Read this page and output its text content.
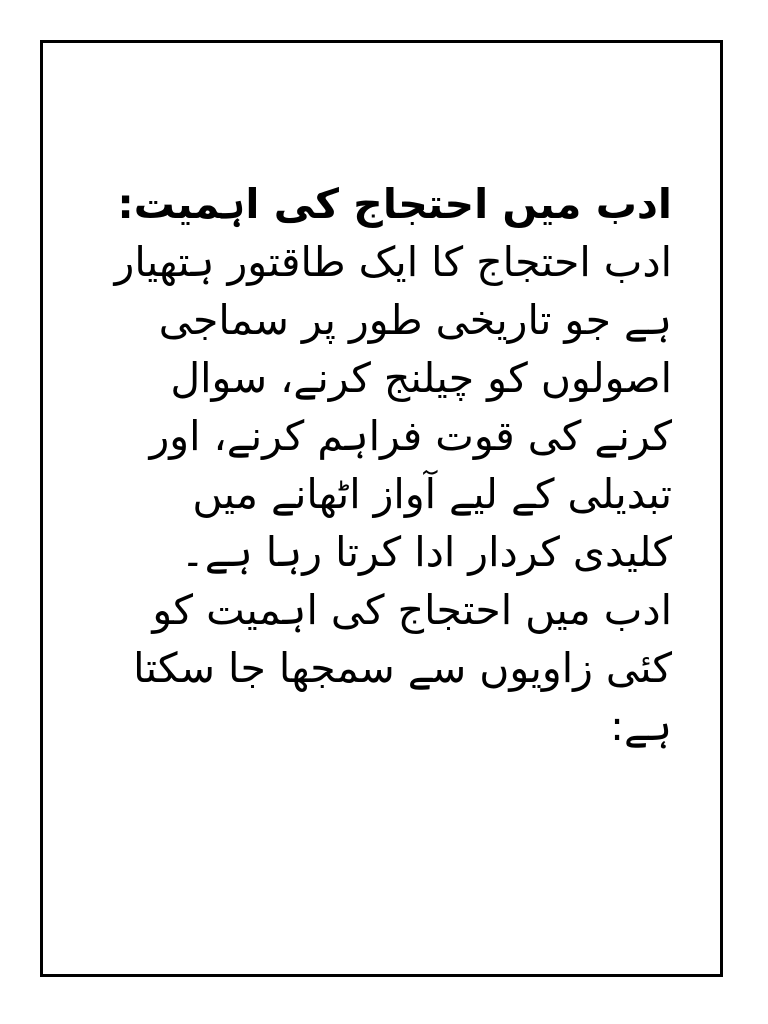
ادب میں احتجاج کی اہمیت:

ادب احتجاج کا ایک طاقتور ہتھیار ہے جو تاریخی طور پر سماجی اصولوں کو چیلنج کرنے، سوال کرنے کی قوت فراہم کرنے، اور تبدیلی کے لیے آواز اٹھانے میں کلیدی کردار ادا کرتا رہا ہے۔ ادب میں احتجاج کی اہمیت کو کئی زاویوں سے سمجھا جا سکتا ہے:
